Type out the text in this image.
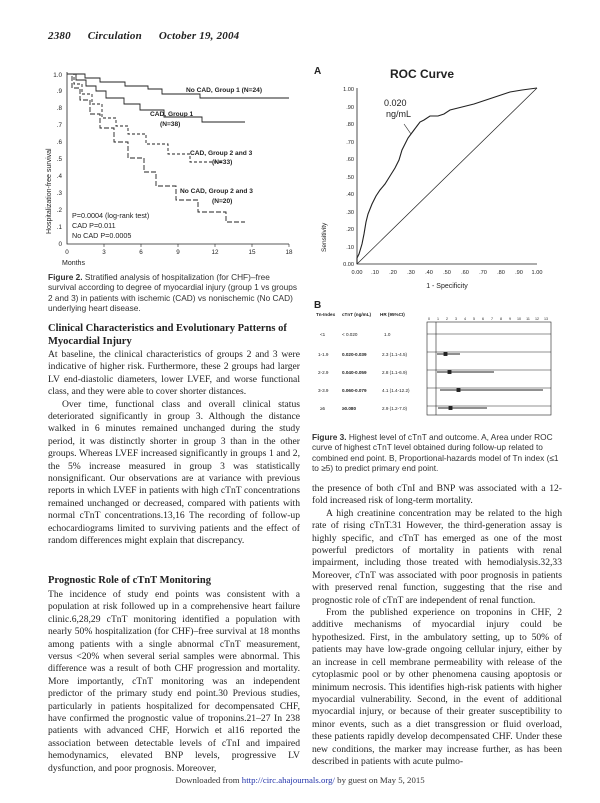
2380 Circulation October 19, 2004
1.0
.9
.8
.7
.6
.5
.4
.3
.2
.1
0
0	3	6	9	12	15	18
Hospitalization-free survival
Months
No CAD, Group 1 (N=24)
CAD, Group 1
(N=38)
CAD, Group 2 and 3
(N=33)
No CAD, Group 2 and 3
(N=20)
P=0.0004 (log-rank test)
CAD P=0.011
No CAD P=0.0005
Figure 2. Stratified analysis of hospitalization (for CHF)–free survival according to degree of myocardial injury (group 1 vs groups 2 and 3) in patients with ischemic (CAD) vs nonischemic (No CAD) underlying heart disease.
A	ROC Curve
1.00
.90
.80
.70
.60
.50
.40
.30
.20
.10
0.00
0.00 .10 .20 .30 .40 .50 .60 .70 .80 .90 1.00
Sensitivity
1 - Specificity
0.020
ng/mL
B
Tn-Index cTnT (ng/mL) HR (95%CI)
<1	< 0.020	1.0
1-1.9	0.020-0.039	2.3 (1.1-4.5)
2-2.9	0.040-0.059	2.8 (1.1-6.9)
3-3.9	0.060-0.079	4.1 (1.4-12.2)
≥5	≥0.080	2.9 (1.2-7.0)
0 1 2 3 4 5 6 7 8 9 10 11 12 13
Figure 3. Highest level of cTnT and outcome. A, Area under ROC curve of highest cTnT level obtained during follow-up related to combined end point. B, Proportional-hazards model of Tn index (≤1 to ≥5) to predict primary end point.
Clinical Characteristics and Evolutionary Patterns of Myocardial Injury

At baseline, the clinical characteristics of groups 2 and 3 were indicative of higher risk. Furthermore, these 2 groups had larger LV end-diastolic diameters, lower LVEF, and worse functional class, and they were able to cover shorter distances.

Over time, functional class and overall clinical status deteriorated significantly in group 3. Although the distance walked in 6 minutes remained unchanged during the study period, it was distinctly shorter in group 3 than in the other groups. Whereas LVEF increased significantly in groups 1 and 2, the 5% increase measured in group 3 was statistically nonsignificant. Our observations are at variance with previous reports in which LVEF in patients with high cTnT concentrations remained unchanged or decreased, compared with patients with normal cTnT concentrations.13,16 The recording of follow-up echocardiograms limited to surviving patients and the effect of random differences might explain that discrepancy.

Prognostic Role of cTnT Monitoring

The incidence of study end points was consistent with a population at risk followed up in a comprehensive heart failure clinic.6,28,29 cTnT monitoring identified a population with nearly 50% hospitalization (for CHF)–free survival at 18 months among patients with a single abnormal cTnT measurement, versus <20% when several serial samples were abnormal. This difference was a result of both CHF progression and mortality. More importantly, cTnT monitoring was an independent predictor of the primary study end point.30 Previous studies, particularly in patients hospitalized for decompensated CHF, have confirmed the prognostic value of troponins.21–27 In 238 patients with advanced CHF, Horwich et al16 reported the association between detectable levels of cTnI and impaired hemodynamics, elevated BNP levels, progressive LV dysfunction, and poor prognosis. Moreover,

the presence of both cTnI and BNP was associated with a 12-fold increased risk of long-term mortality.

A high creatinine concentration may be related to the high rate of rising cTnT.31 However, the third-generation assay is highly specific, and cTnT has emerged as one of the most powerful predictors of mortality in patients with renal impairment, including those treated with hemodialysis.32,33 Moreover, cTnT was associated with poor prognosis in patients with preserved renal function, suggesting that the rise and prognostic role of cTnT are independent of renal function.

From the published experience on troponins in CHF, 2 additive mechanisms of myocardial injury could be hypothesized. First, in the ambulatory setting, up to 50% of patients may have low-grade ongoing cellular injury, either by an increase in cell membrane permeability with release of the cytoplasmic pool or by other phenomena causing apoptosis or minimum necrosis. This identifies high-risk patients with higher myocardial vulnerability. Second, in the event of additional myocardial injury, or because of their greater susceptibility to minor events, such as a diet transgression or fluid overload, these patients rapidly develop decompensated CHF. Under these new conditions, the marker may increase further, as has been described in patients with acute pulmo-

Downloaded from http://circ.ahajournals.org/ by guest on May 5, 2015
